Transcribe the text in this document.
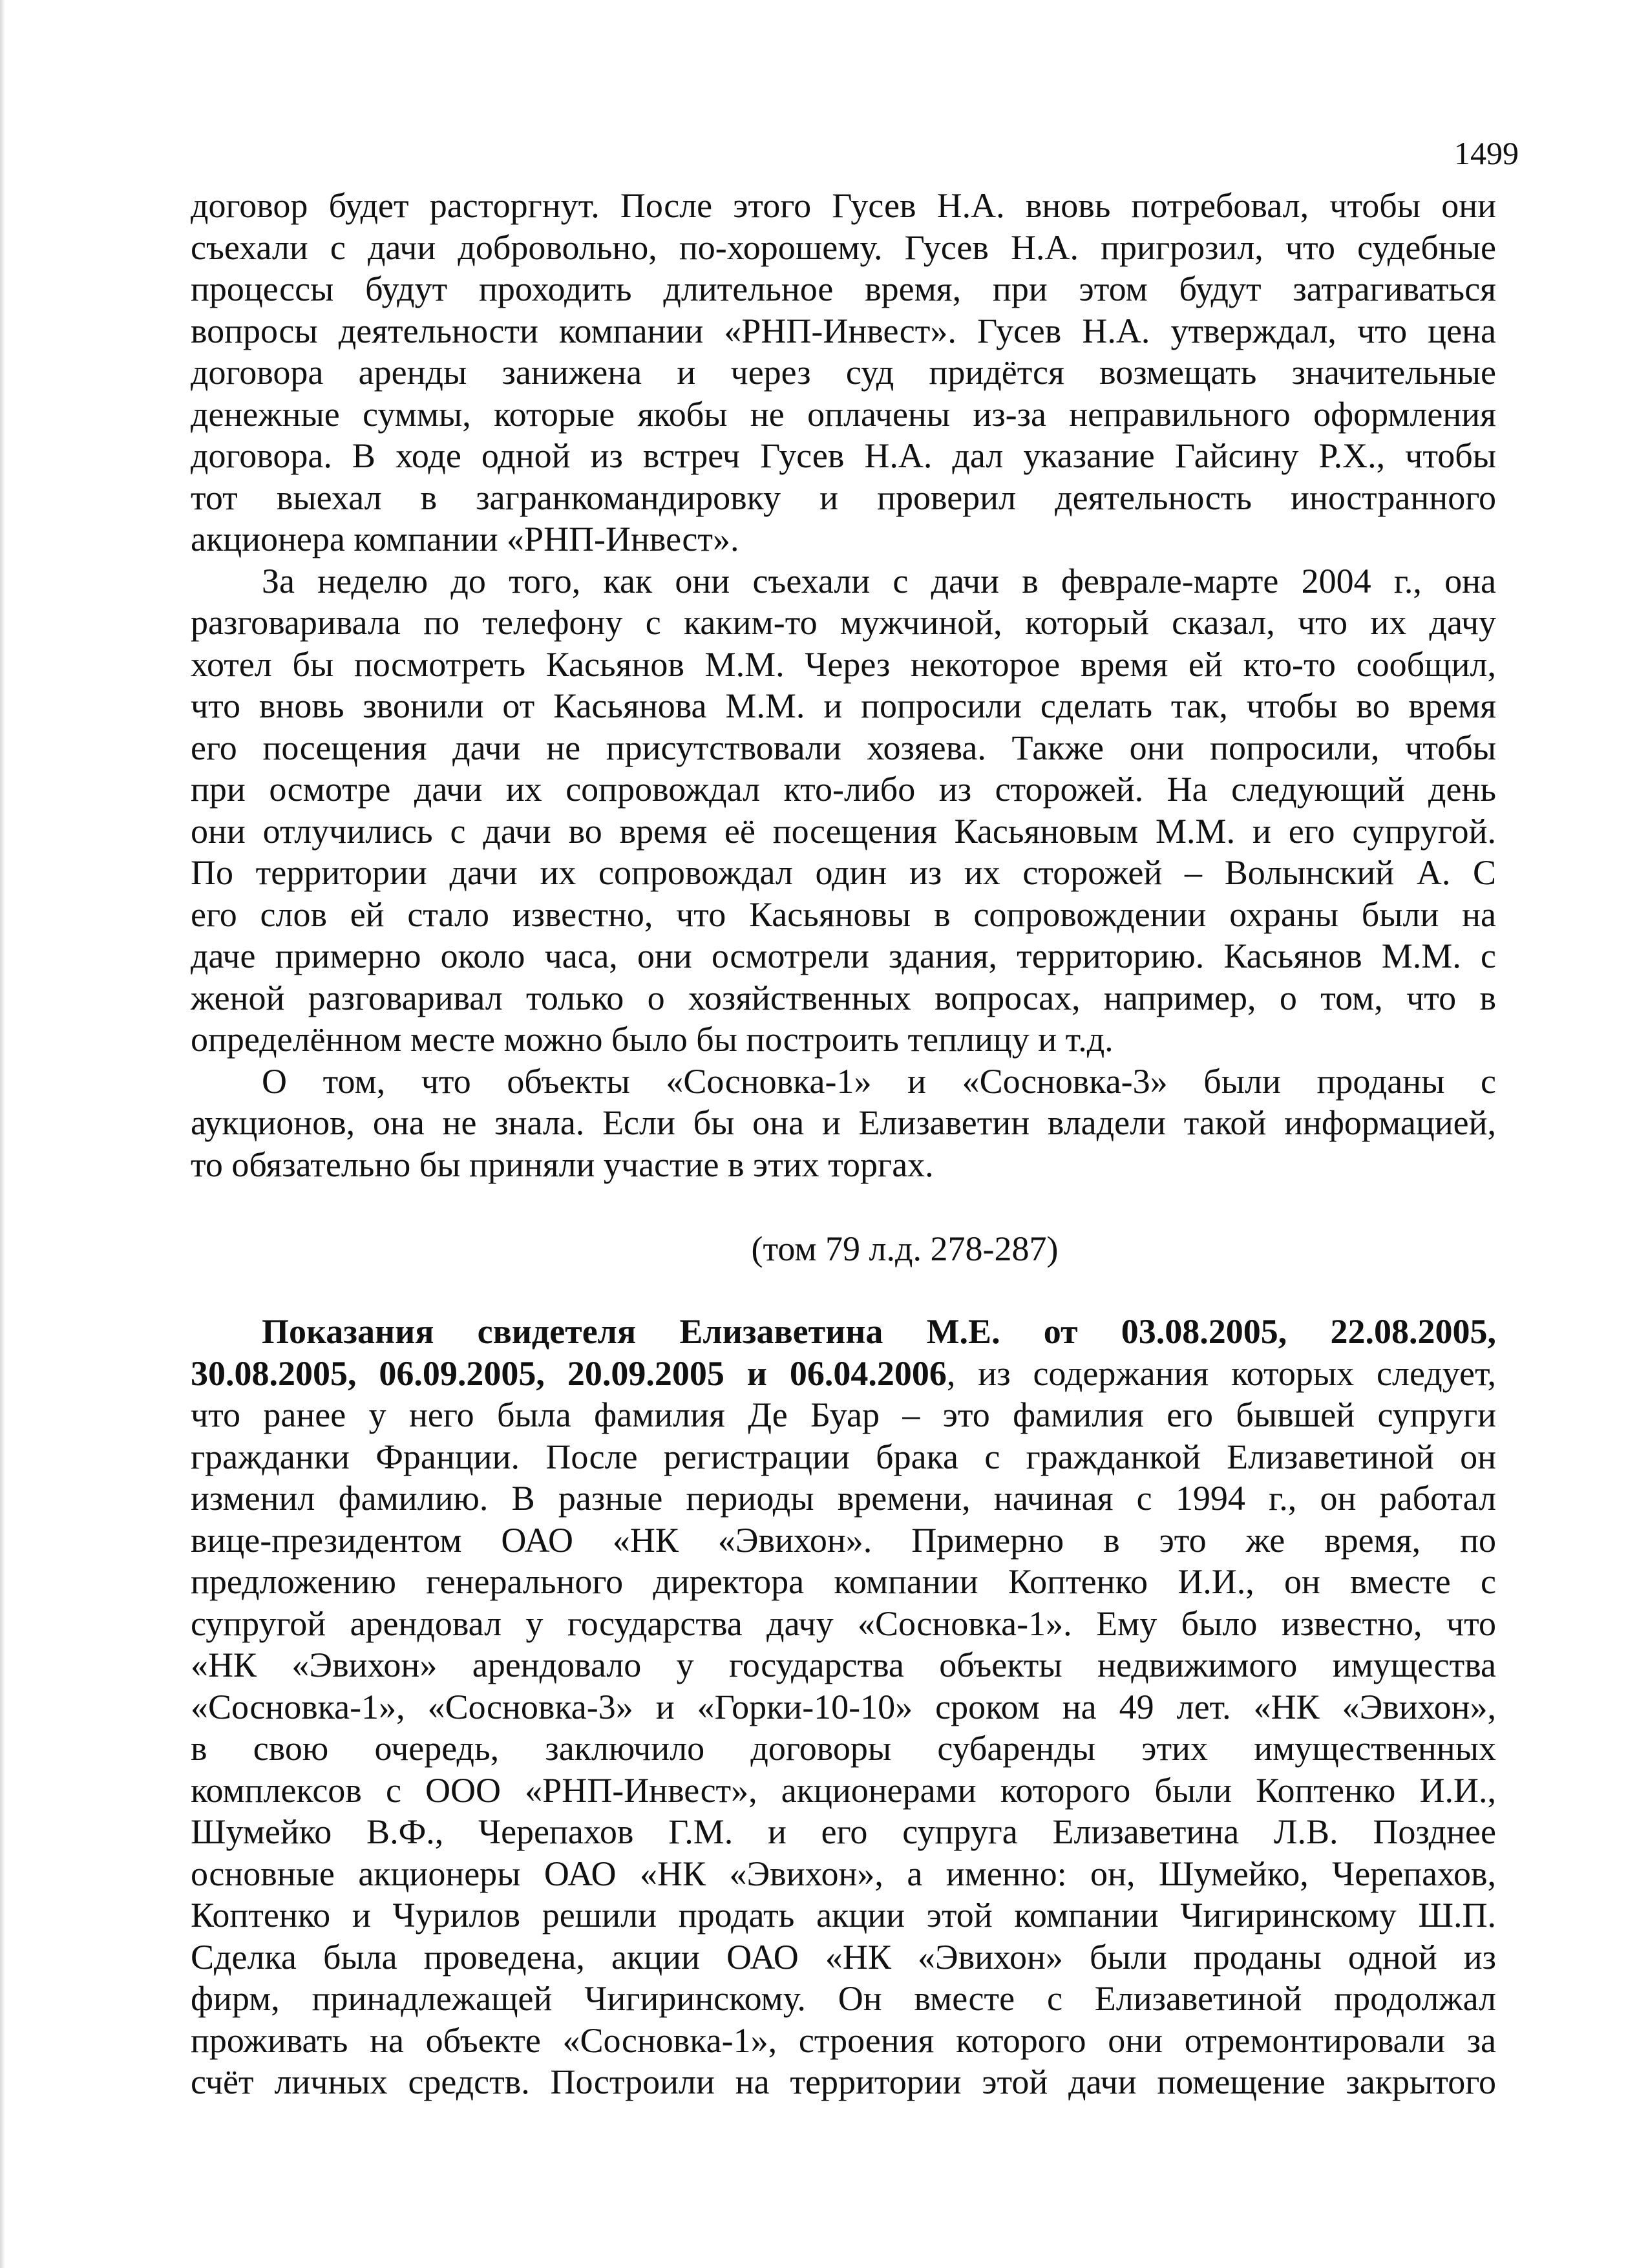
1499
договор будет расторгнут. После этого Гусев Н.А. вновь потребовал, чтобы они
съехали с дачи добровольно, по-хорошему. Гусев Н.А. пригрозил, что судебные
процессы будут проходить длительное время, при этом будут затрагиваться
вопросы деятельности компании «РНП-Инвест». Гусев Н.А. утверждал, что цена
договора аренды занижена и через суд придётся возмещать значительные
денежные суммы, которые якобы не оплачены из-за неправильного оформления
договора. В ходе одной из встреч Гусев Н.А. дал указание Гайсину Р.Х., чтобы
тот выехал в загранкомандировку и проверил деятельность иностранного
акционера компании «РНП-Инвест».
За неделю до того, как они съехали с дачи в феврале-марте 2004 г., она
разговаривала по телефону с каким-то мужчиной, который сказал, что их дачу
хотел бы посмотреть Касьянов М.М. Через некоторое время ей кто-то сообщил,
что вновь звонили от Касьянова М.М. и попросили сделать так, чтобы во время
его посещения дачи не присутствовали хозяева. Также они попросили, чтобы
при осмотре дачи их сопровождал кто-либо из сторожей. На следующий день
они отлучились с дачи во время её посещения Касьяновым М.М. и его супругой.
По территории дачи их сопровождал один из их сторожей – Волынский А. С
его слов ей стало известно, что Касьяновы в сопровождении охраны были на
даче примерно около часа, они осмотрели здания, территорию. Касьянов М.М. с
женой разговаривал только о хозяйственных вопросах, например, о том, что в
определённом месте можно было бы построить теплицу и т.д.
О том, что объекты «Сосновка-1» и «Сосновка-3» были проданы с
аукционов, она не знала. Если бы она и Елизаветин владели такой информацией,
то обязательно бы приняли участие в этих торгах.
(том 79 л.д. 278-287)
Показания свидетеля Елизаветина М.Е. от 03.08.2005, 22.08.2005,
30.08.2005, 06.09.2005, 20.09.2005 и 06.04.2006, из содержания которых следует,
что ранее у него была фамилия Де Буар – это фамилия его бывшей супруги
гражданки Франции. После регистрации брака с гражданкой Елизаветиной он
изменил фамилию. В разные периоды времени, начиная с 1994 г., он работал
вице-президентом ОАО «НК «Эвихон». Примерно в это же время, по
предложению генерального директора компании Коптенко И.И., он вместе с
супругой арендовал у государства дачу «Сосновка-1». Ему было известно, что
«НК «Эвихон» арендовало у государства объекты недвижимого имущества
«Сосновка-1», «Сосновка-3» и «Горки-10-10» сроком на 49 лет. «НК «Эвихон»,
в свою очередь, заключило договоры субаренды этих имущественных
комплексов с ООО «РНП-Инвест», акционерами которого были Коптенко И.И.,
Шумейко В.Ф., Черепахов Г.М. и его супруга Елизаветина Л.В. Позднее
основные акционеры ОАО «НК «Эвихон», а именно: он, Шумейко, Черепахов,
Коптенко и Чурилов решили продать акции этой компании Чигиринскому Ш.П.
Сделка была проведена, акции ОАО «НК «Эвихон» были проданы одной из
фирм, принадлежащей Чигиринскому. Он вместе с Елизаветиной продолжал
проживать на объекте «Сосновка-1», строения которого они отремонтировали за
счёт личных средств. Построили на территории этой дачи помещение закрытого
